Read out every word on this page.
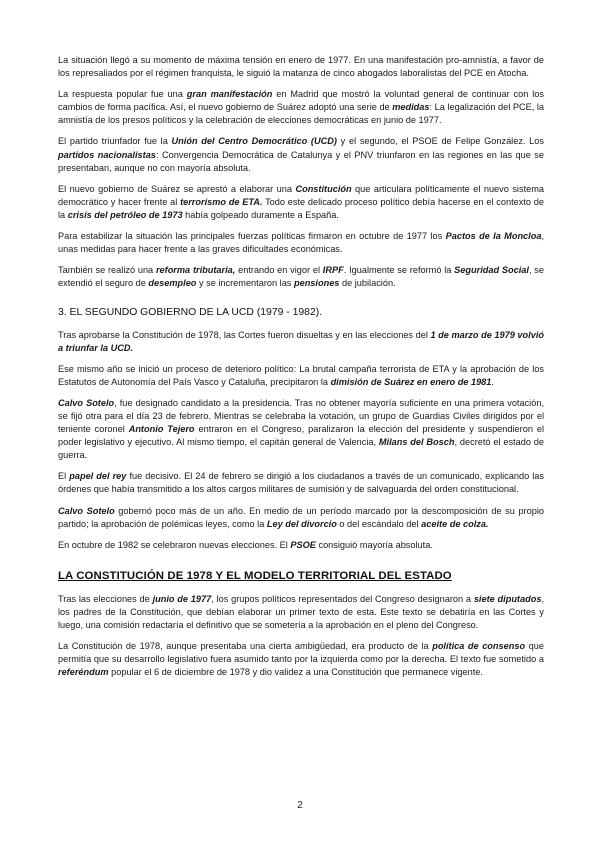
La situación llegó a su momento de máxima tensión en enero de 1977. En una manifestación pro-amnistía, a favor de los represaliados por el régimen franquista, le siguió la matanza de cinco abogados laboralistas del PCE en Atocha.

La respuesta popular fue una gran manifestación en Madrid que mostró la voluntad general de continuar con los cambios de forma pacífica. Así, el nuevo gobierno de Suárez adoptó una serie de medidas: La legalización del PCE, la amnistía de los presos políticos y la celebración de elecciones democráticas en junio de 1977.

El partido triunfador fue la Unión del Centro Democrático (UCD) y el segundo, el PSOE de Felipe González. Los partidos nacionalistas: Convergencia Democrática de Catalunya y el PNV triunfaron en las regiones en las que se presentaban, aunque no con mayoría absoluta.

El nuevo gobierno de Suárez se aprestó a elaborar una Constitución que articulara políticamente el nuevo sistema democrático y hacer frente al terrorismo de ETA. Todo este delicado proceso político debía hacerse en el contexto de la crisis del petróleo de 1973 había golpeado duramente a España.

Para estabilizar la situación las principales fuerzas políticas firmaron en octubre de 1977 los Pactos de la Moncloa, unas medidas para hacer frente a las graves dificultades económicas.

También se realizó una reforma tributaria, entrando en vigor el IRPF. Igualmente se reformó la Seguridad Social, se extendió el seguro de desempleo y se incrementaron las pensiones de jubilación.

3. EL SEGUNDO GOBIERNO DE LA UCD (1979 - 1982).

Tras aprobarse la Constitución de 1978, las Cortes fueron disueltas y en las elecciones del 1 de marzo de 1979 volvió a triunfar la UCD.

Ese mismo año se inició un proceso de deterioro político: La brutal campaña terrorista de ETA y la aprobación de los Estatutos de Autonomía del País Vasco y Cataluña, precipitaron la dimisión de Suárez en enero de 1981.

Calvo Sotelo, fue designado candidato a la presidencia. Tras no obtener mayoría suficiente en una primera votación, se fijó otra para el día 23 de febrero. Mientras se celebraba la votación, un grupo de Guardias Civiles dirigidos por el teniente coronel Antonio Tejero entraron en el Congreso, paralizaron la elección del presidente y suspendieron el poder legislativo y ejecutivo. Al mismo tiempo, el capitán general de Valencia, Milans del Bosch, decretó el estado de guerra.

El papel del rey fue decisivo. El 24 de febrero se dirigió a los ciudadanos a través de un comunicado, explicando las órdenes que había transmitido a los altos cargos militares de sumisión y de salvaguarda del orden constitucional.

Calvo Sotelo gobernó poco más de un año. En medio de un período marcado por la descomposición de su propio partido; la aprobación de polémicas leyes, como la Ley del divorcio o del escándalo del aceite de colza.

En octubre de 1982 se celebraron nuevas elecciones. El PSOE consiguió mayoría absoluta.

LA CONSTITUCIÓN DE 1978 Y EL MODELO TERRITORIAL DEL ESTADO

Tras las elecciones de junio de 1977, los grupos políticos representados del Congreso designaron a siete diputados, los padres de la Constitución, que debían elaborar un primer texto de esta. Este texto se debatiría en las Cortes y luego, una comisión redactaría el definitivo que se sometería a la aprobación en el pleno del Congreso.

La Constitución de 1978, aunque presentaba una cierta ambigüedad, era producto de la política de consenso que permitía que su desarrollo legislativo fuera asumido tanto por la izquierda como por la derecha. El texto fue sometido a referéndum popular el 6 de diciembre de 1978 y dio validez a una Constitución que permanece vigente.

2
